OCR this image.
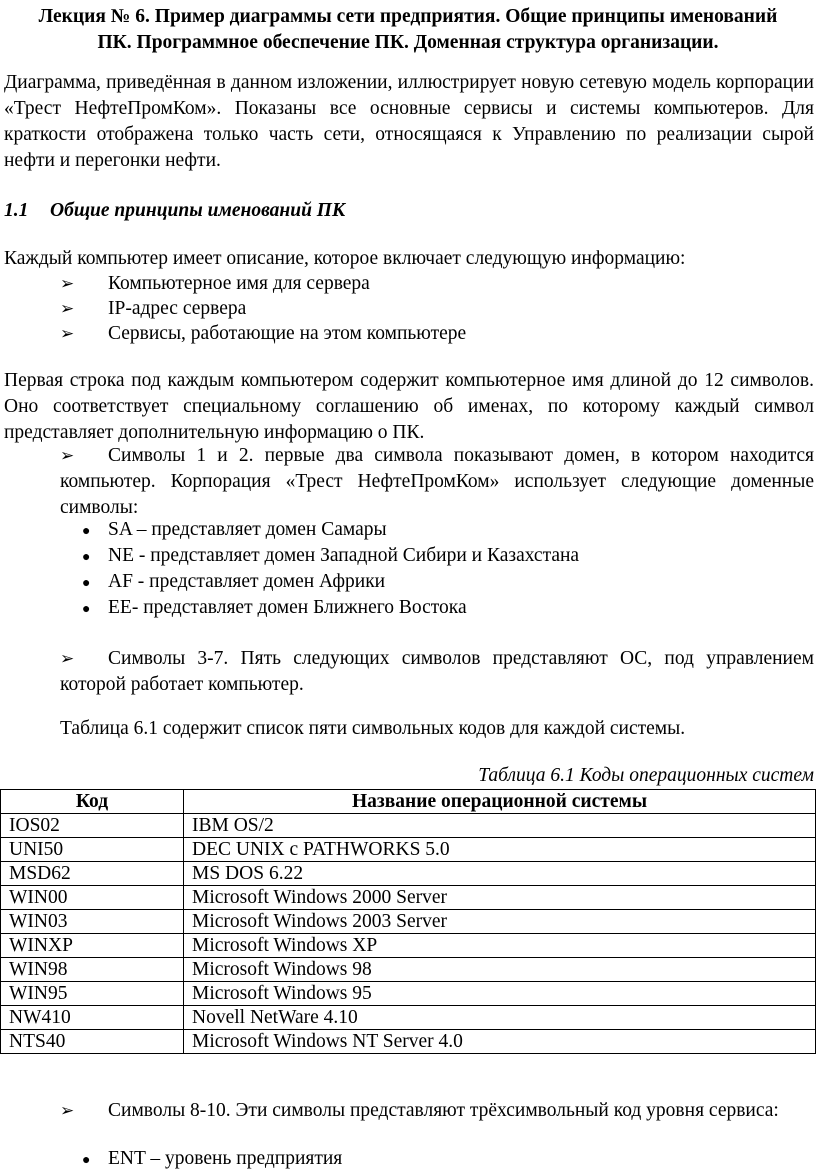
Лекция № 6. Пример диаграммы сети предприятия. Общие принципы именований
ПК. Программное обеспечение ПК. Доменная структура организации.
Диаграмма, приведённая в данном изложении, иллюстрирует новую сетевую модель корпорации «Трест НефтеПромКом». Показаны все основные сервисы и системы компьютеров. Для краткости отображена только часть сети, относящаяся к Управлению по реализации сырой нефти и перегонки нефти.
1.1 Общие принципы именований ПК
Каждый компьютер имеет описание, которое включает следующую информацию:
➢ Компьютерное имя для сервера
➢ IP-адрес сервера
➢ Сервисы, работающие на этом компьютере
Первая строка под каждым компьютером содержит компьютерное имя длиной до 12 символов. Оно соответствует специальному соглашению об именах, по которому каждый символ представляет дополнительную информацию о ПК.
➢ Символы 1 и 2. первые два символа показывают домен, в котором находится компьютер. Корпорация «Трест НефтеПромКом» использует следующие доменные символы:
● SA – представляет домен Самары
● NE - представляет домен Западной Сибири и Казахстана
● AF - представляет домен Африки
● EE- представляет домен Ближнего Востока
➢ Символы 3-7. Пять следующих символов представляют ОС, под управлением которой работает компьютер.
Таблица 6.1 содержит список пяти символьных кодов для каждой системы.
Таблица 6.1 Коды операционных систем
Код	Название операционной системы
IOS02	IBM OS/2
UNI50	DEC UNIX с PATHWORKS 5.0
MSD62	MS DOS 6.22
WIN00	Microsoft Windows 2000 Server
WIN03	Microsoft Windows 2003 Server
WINXP	Microsoft Windows XP
WIN98	Microsoft Windows 98
WIN95	Microsoft Windows 95
NW410	Novell NetWare 4.10
NTS40	Microsoft Windows NT Server 4.0
➢ Символы 8-10. Эти символы представляют трёхсимвольный код уровня сервиса:
● ENT – уровень предприятия
